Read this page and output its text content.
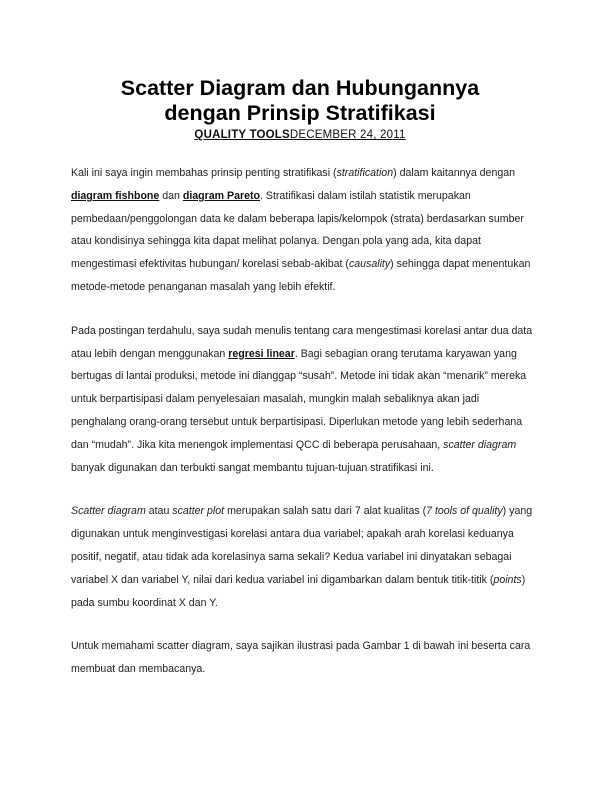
Scatter Diagram dan Hubungannya
dengan Prinsip Stratifikasi
QUALITY TOOLSDECEMBER 24, 2011

Kali ini saya ingin membahas prinsip penting stratifikasi (stratification) dalam kaitannya dengan diagram fishbone dan diagram Pareto. Stratifikasi dalam istilah statistik merupakan pembedaan/penggolongan data ke dalam beberapa lapis/kelompok (strata) berdasarkan sumber atau kondisinya sehingga kita dapat melihat polanya. Dengan pola yang ada, kita dapat mengestimasi efektivitas hubungan/ korelasi sebab-akibat (causality) sehingga dapat menentukan metode-metode penanganan masalah yang lebih efektif.

Pada postingan terdahulu, saya sudah menulis tentang cara mengestimasi korelasi antar dua data atau lebih dengan menggunakan regresi linear. Bagi sebagian orang terutama karyawan yang bertugas di lantai produksi, metode ini dianggap “susah”. Metode ini tidak akan “menarik” mereka untuk berpartisipasi dalam penyelesaian masalah, mungkin malah sebaliknya akan jadi penghalang orang-orang tersebut untuk berpartisipasi. Diperlukan metode yang lebih sederhana dan “mudah”. Jika kita menengok implementasi QCC di beberapa perusahaan, scatter diagram banyak digunakan dan terbukti sangat membantu tujuan-tujuan stratifikasi ini.

Scatter diagram atau scatter plot merupakan salah satu dari 7 alat kualitas (7 tools of quality) yang digunakan untuk menginvestigasi korelasi antara dua variabel; apakah arah korelasi keduanya positif, negatif, atau tidak ada korelasinya sama sekali? Kedua variabel ini dinyatakan sebagai variabel X dan variabel Y, nilai dari kedua variabel ini digambarkan dalam bentuk titik-titik (points) pada sumbu koordinat X dan Y.

Untuk memahami scatter diagram, saya sajikan ilustrasi pada Gambar 1 di bawah ini beserta cara membuat dan membacanya.
